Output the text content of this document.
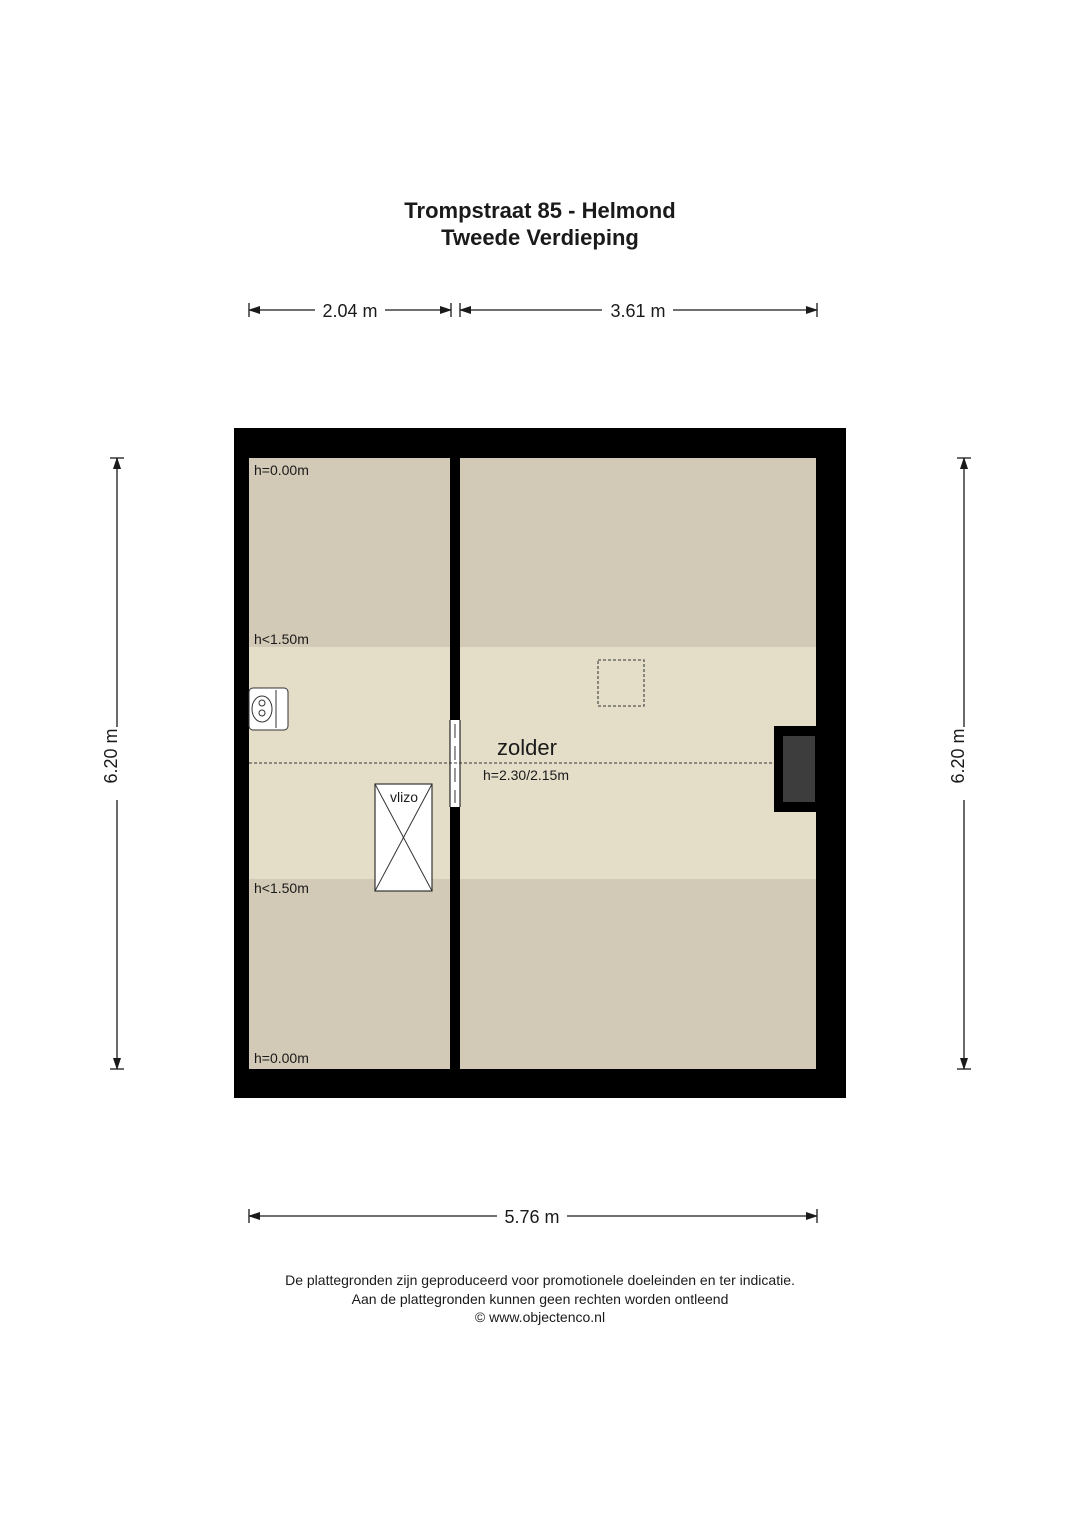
Trompstraat 85 - Helmond
Tweede Verdieping
2.04 m	3.61 m
6.20 m	6.20 m
vlizo
h=0.00m
h<1.50m
h<1.50m
h=0.00m
zolder
h=2.30/2.15m
5.76 m
De plattegronden zijn geproduceerd voor promotionele doeleinden en ter indicatie.
Aan de plattegronden kunnen geen rechten worden ontleend
© www.objectenco.nl
